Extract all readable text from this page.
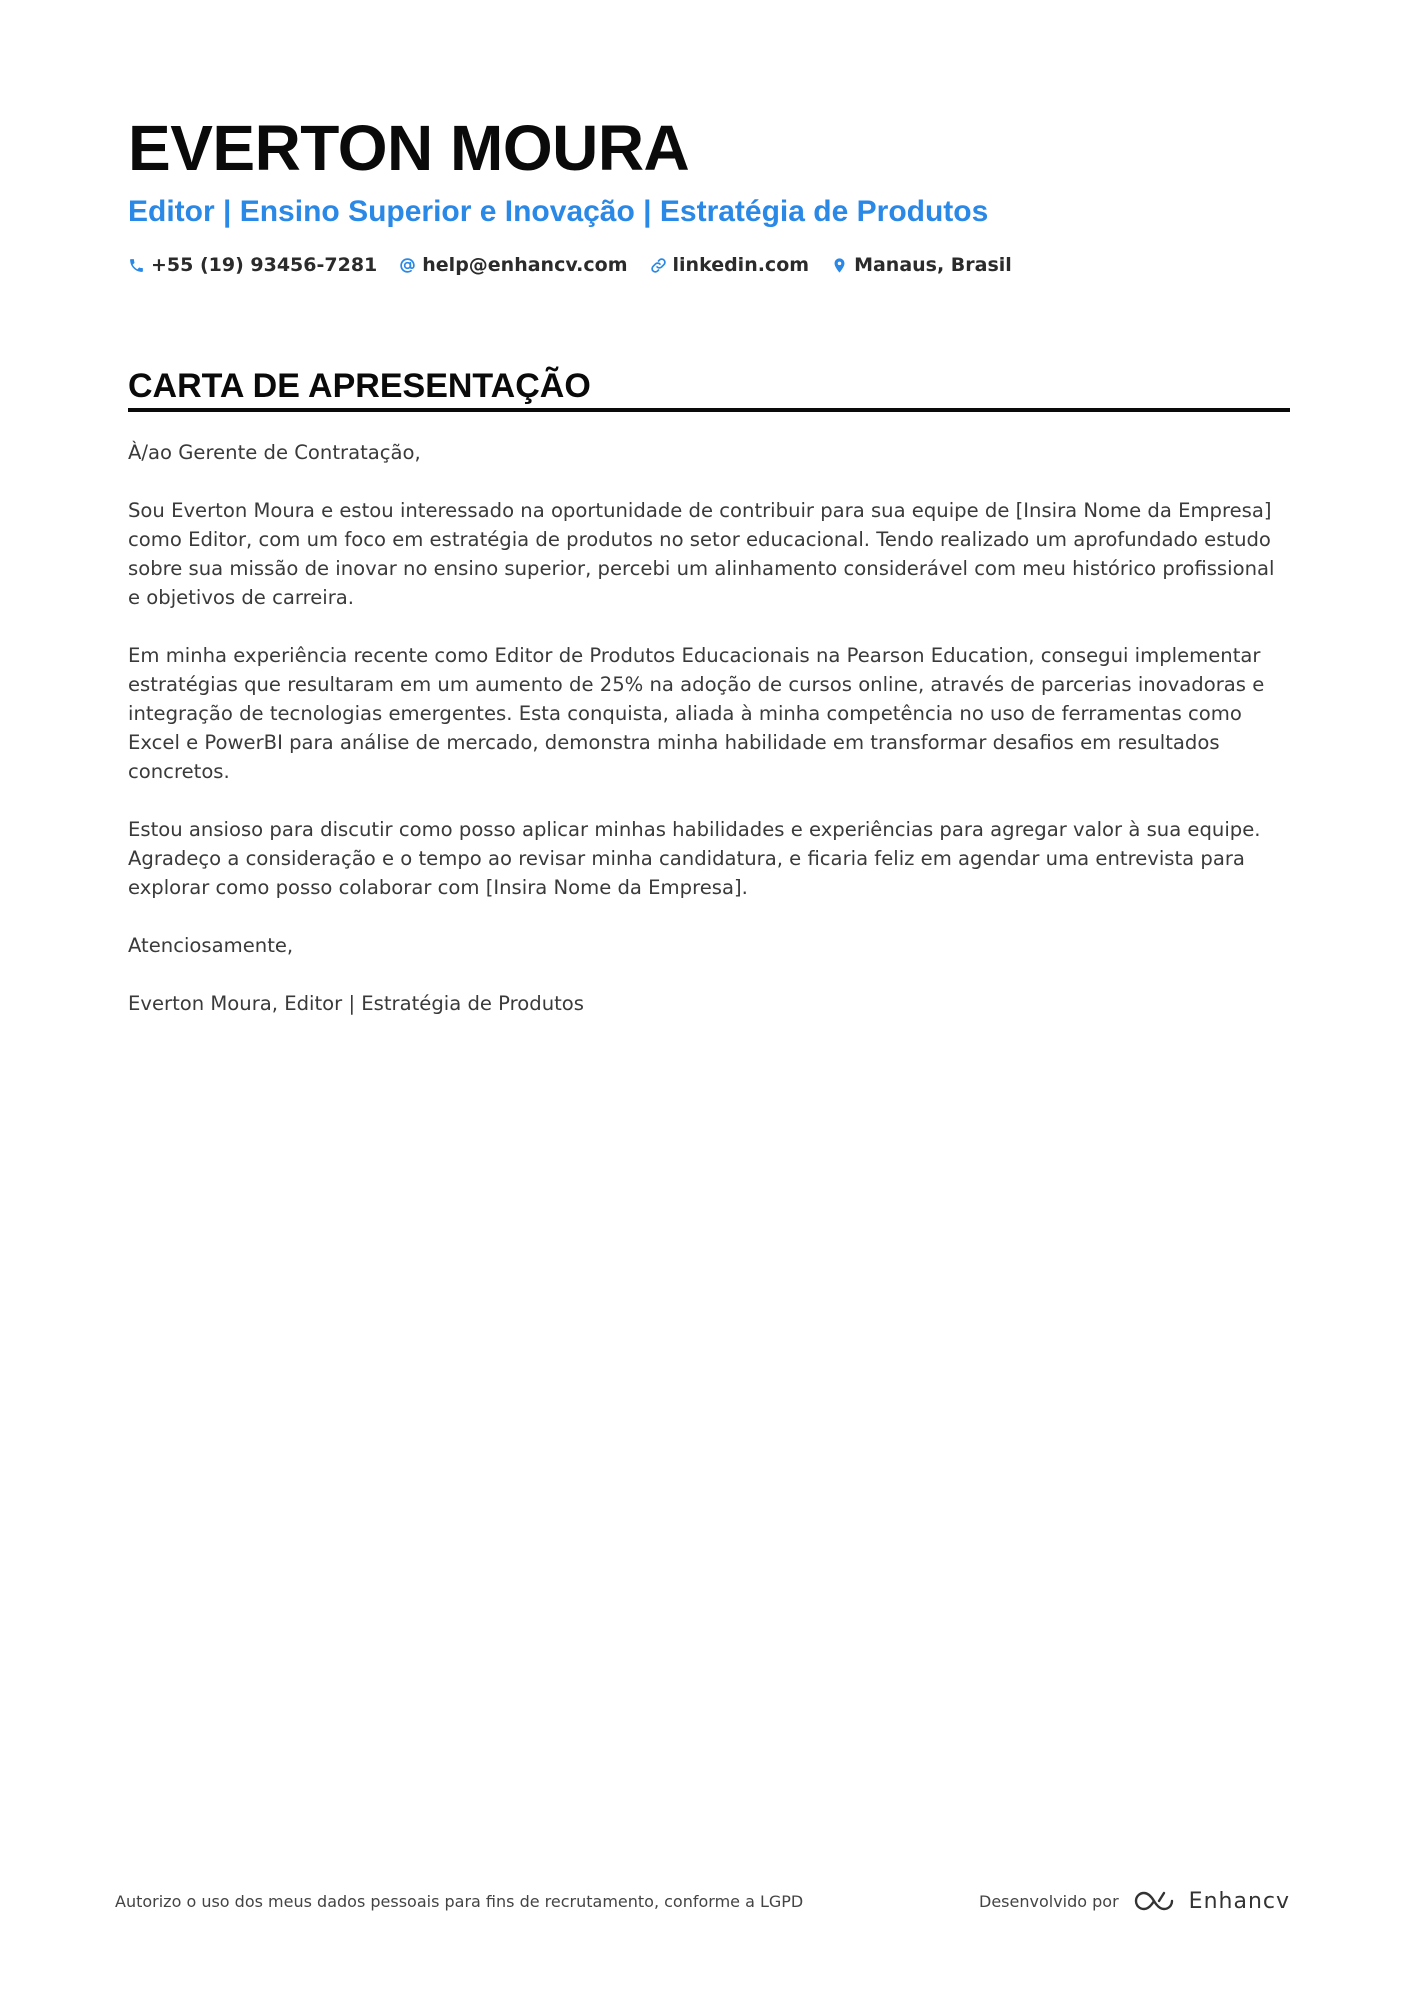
EVERTON MOURA
Editor | Ensino Superior e Inovação | Estratégia de Produtos
+55 (19) 93456-7281 help@enhancv.com linkedin.com Manaus, Brasil
CARTA DE APRESENTAÇÃO

À/ao Gerente de Contratação,

Sou Everton Moura e estou interessado na oportunidade de contribuir para sua equipe de [Insira Nome da Empresa] como Editor, com um foco em estratégia de produtos no setor educacional. Tendo realizado um aprofundado estudo sobre sua missão de inovar no ensino superior, percebi um alinhamento considerável com meu histórico profissional e objetivos de carreira.

Em minha experiência recente como Editor de Produtos Educacionais na Pearson Education, consegui implementar estratégias que resultaram em um aumento de 25% na adoção de cursos online, através de parcerias inovadoras e integração de tecnologias emergentes. Esta conquista, aliada à minha competência no uso de ferramentas como Excel e PowerBI para análise de mercado, demonstra minha habilidade em transformar desafios em resultados concretos.

Estou ansioso para discutir como posso aplicar minhas habilidades e experiências para agregar valor à sua equipe. Agradeço a consideração e o tempo ao revisar minha candidatura, e ficaria feliz em agendar uma entrevista para explorar como posso colaborar com [Insira Nome da Empresa].

Atenciosamente,

Everton Moura, Editor | Estratégia de Produtos

Autorizo o uso dos meus dados pessoais para fins de recrutamento, conforme a LGPD	Desenvolvido por	Enhancv
